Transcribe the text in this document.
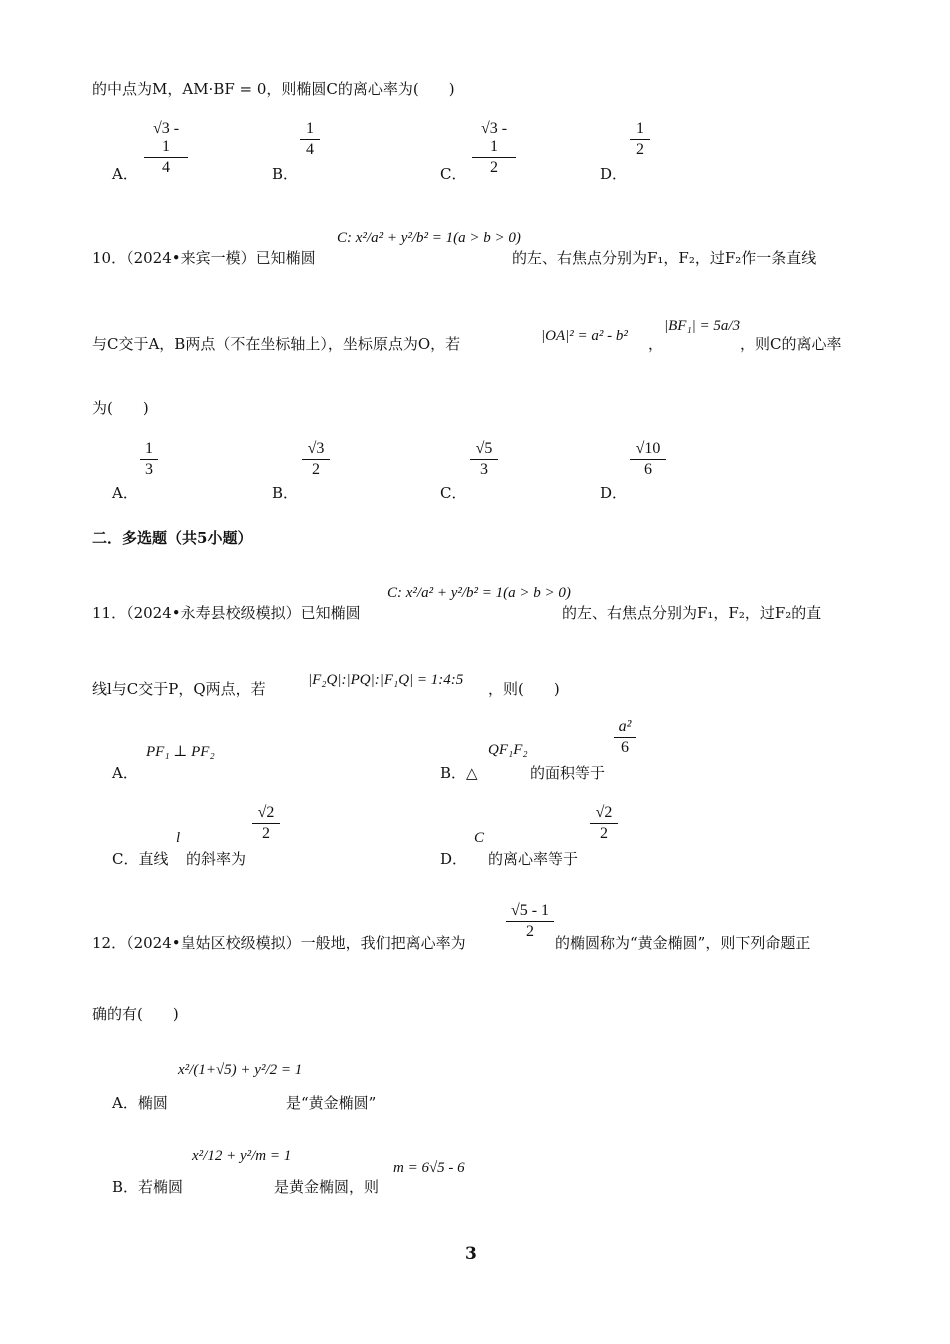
的中点为M，AM·BF = 0，则椭圆C的离心率为(　　)
A．
√3 - 1
4	B．
1
4
C．
√3 - 1
2	D．
1
2
10．（2024•来宾一模）已知椭圆
C: x²/a² + y²/b² = 1(a > b > 0)
的左、右焦点分别为F₁，F₂，过F₂作一条直线
与C交于A，B两点（不在坐标轴上），坐标原点为O，若	|OA|² = a² - b² ，
|BF₁| = 5a/3
，则C的离心率
为(　　)
A．
1
3
B．
√3
2
C．
√5
3
D．
√10
6
二．多选题（共5小题）
11．（2024•永寿县校级模拟）已知椭圆
C: x²/a² + y²/b² = 1(a > b > 0)
的左、右焦点分别为F₁，F₂，过F₂的直
线l与C交于P，Q两点，若	|F₂Q|:|PQ|:|F₁Q| = 1:4:5 ，则(　　)
A．
PF₁ ⊥ PF₂
B．△
QF₁F₂
的面积等于
a²
6
C．直线
l
的斜率为
√2
2
D．
C
的离心率等于
√2
2
12．（2024•皇姑区校级模拟）一般地，我们把离心率为
√5 - 1
2
的椭圆称为“黄金椭圆”，则下列命题正
确的有(　　)
A．椭圆
x²/(1+√5) + y²/2 = 1
是“黄金椭圆”
B．若椭圆
x²/12 + y²/m = 1
是黄金椭圆，则
m = 6√5 - 6
3
